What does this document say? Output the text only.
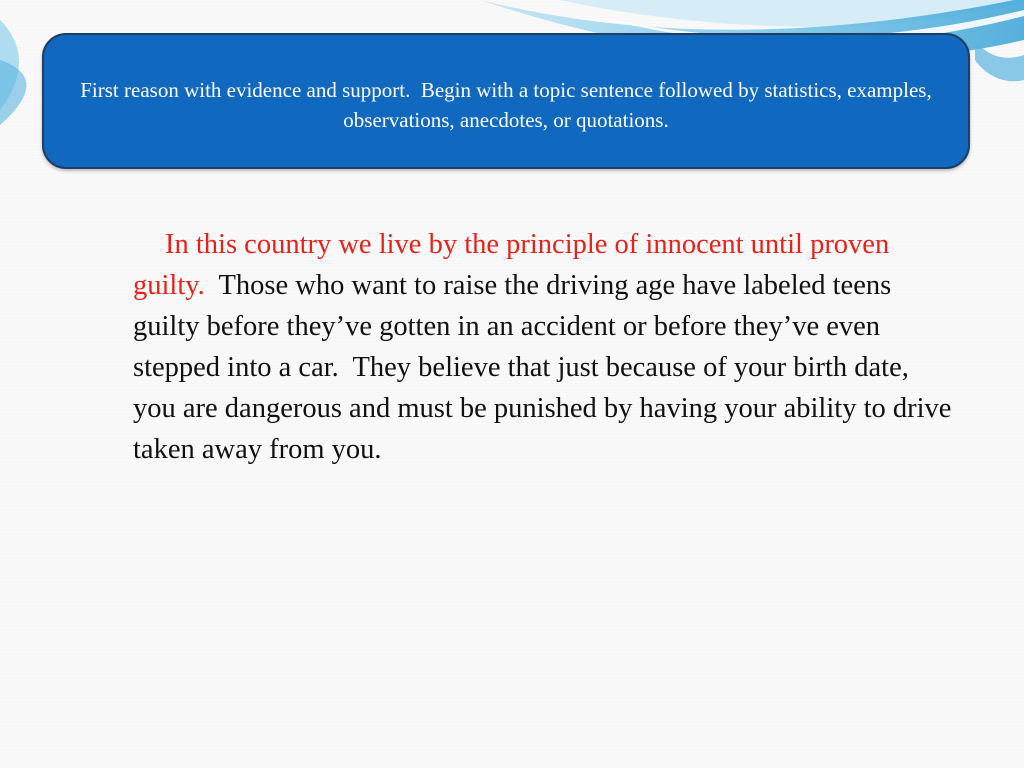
First reason with evidence and support.  Begin with a topic sentence followed by statistics, examples, observations, anecdotes, or quotations.

In this country we live by the principle of innocent until proven guilty.  Those who want to raise the driving age have labeled teens guilty before they’ve gotten in an accident or before they’ve even stepped into a car.  They believe that just because of your birth date, you are dangerous and must be punished by having your ability to drive taken away from you.
